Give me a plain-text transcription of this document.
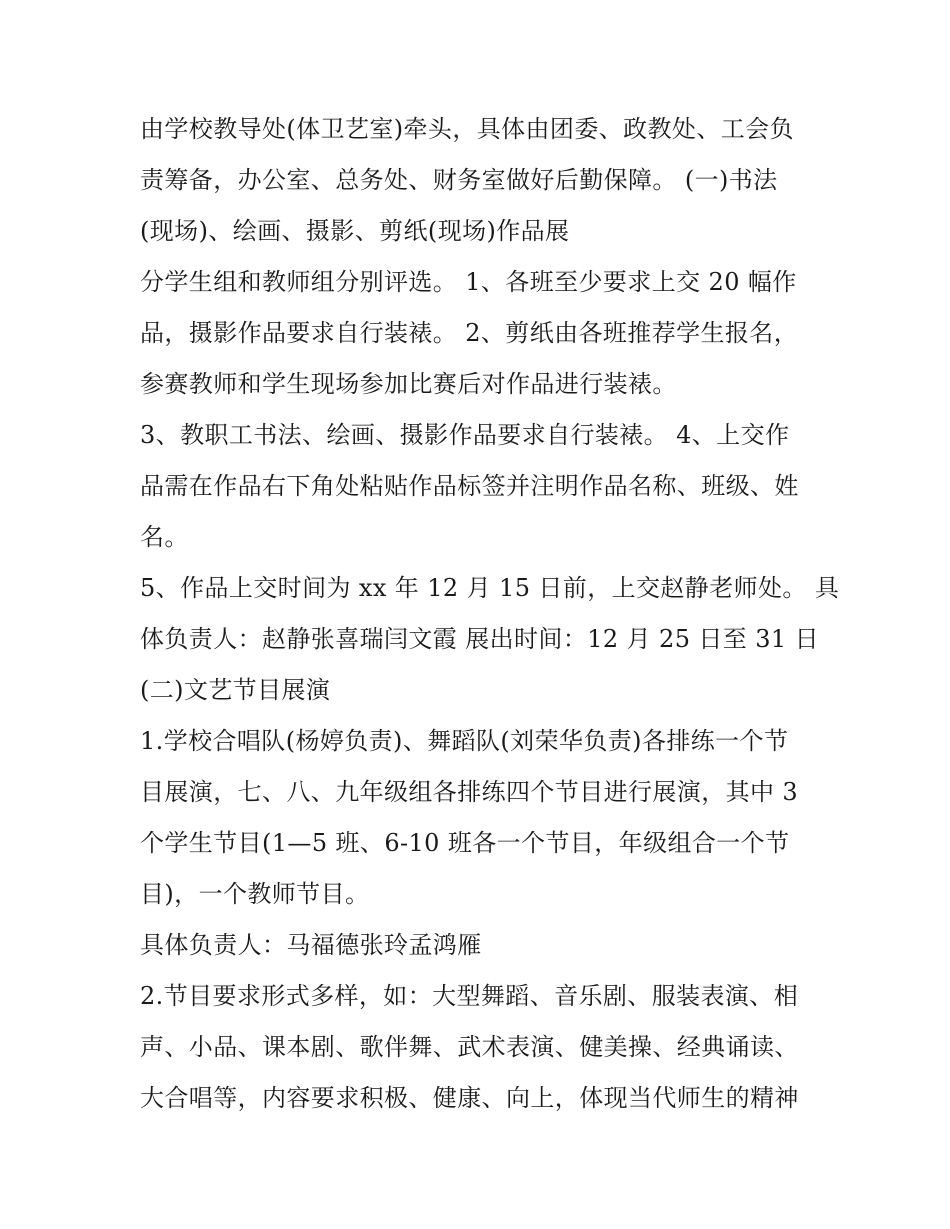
由学校教导处(体卫艺室)牵头，具体由团委、政教处、工会负
责筹备，办公室、总务处、财务室做好后勤保障。 (一)书法
(现场)、绘画、摄影、剪纸(现场)作品展
分学生组和教师组分别评选。 1、各班至少要求上交 20 幅作
品，摄影作品要求自行装裱。 2、剪纸由各班推荐学生报名，
参赛教师和学生现场参加比赛后对作品进行装裱。
3、教职工书法、绘画、摄影作品要求自行装裱。 4、上交作
品需在作品右下角处粘贴作品标签并注明作品名称、班级、姓
名。
5、作品上交时间为 xx 年 12 月 15 日前，上交赵静老师处。 具
体负责人：赵静张喜瑞闫文霞 展出时间：12 月 25 日至 31 日
(二)文艺节目展演
1.学校合唱队(杨婷负责)、舞蹈队(刘荣华负责)各排练一个节
目展演，七、八、九年级组各排练四个节目进行展演，其中 3
个学生节目(1—5 班、6-10 班各一个节目，年级组合一个节
目)，一个教师节目。
具体负责人：马福德张玲孟鸿雁
2.节目要求形式多样，如：大型舞蹈、音乐剧、服装表演、相
声、小品、课本剧、歌伴舞、武术表演、健美操、经典诵读、
大合唱等，内容要求积极、健康、向上，体现当代师生的精神
